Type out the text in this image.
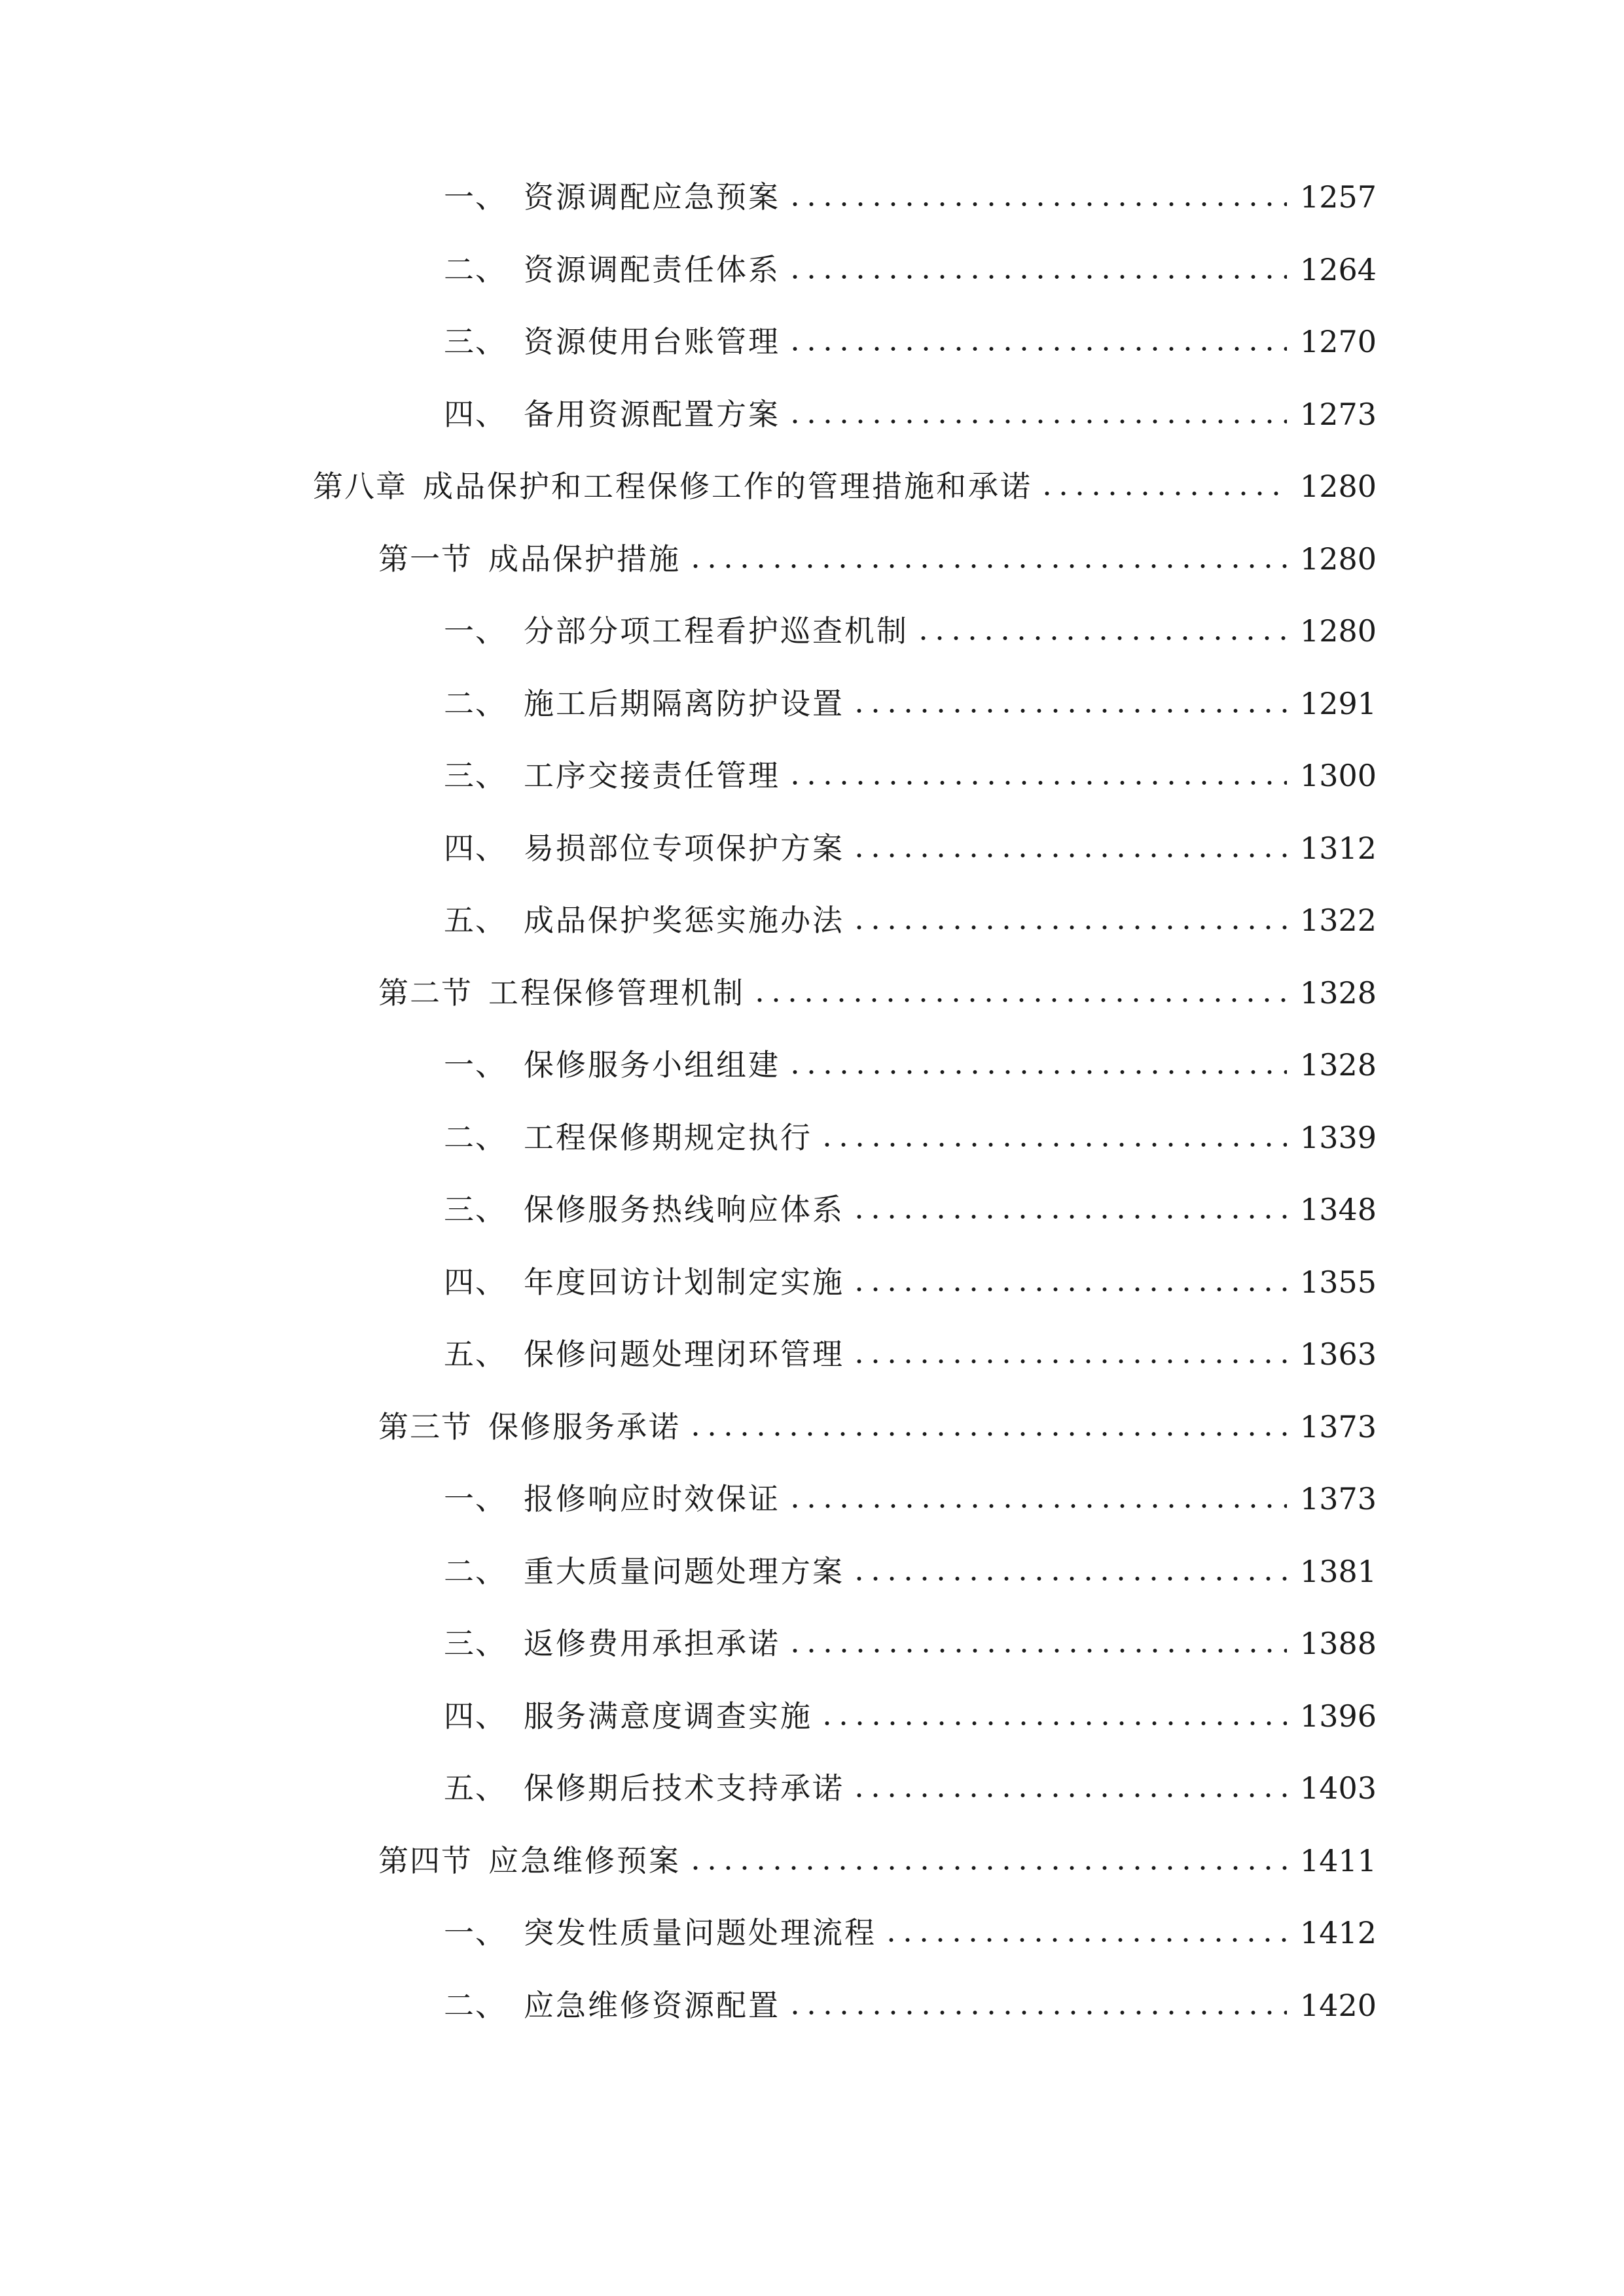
一、 资源调配应急预案	1257
二、 资源调配责任体系	1264
三、 资源使用台账管理	1270
四、 备用资源配置方案	1273
第八章 成品保护和工程保修工作的管理措施和承诺	1280
第一节 成品保护措施	1280
一、 分部分项工程看护巡查机制	1280
二、 施工后期隔离防护设置	1291
三、 工序交接责任管理	1300
四、 易损部位专项保护方案	1312
五、 成品保护奖惩实施办法	1322
第二节 工程保修管理机制	1328
一、 保修服务小组组建	1328
二、 工程保修期规定执行	1339
三、 保修服务热线响应体系	1348
四、 年度回访计划制定实施	1355
五、 保修问题处理闭环管理	1363
第三节 保修服务承诺	1373
一、 报修响应时效保证	1373
二、 重大质量问题处理方案	1381
三、 返修费用承担承诺	1388
四、 服务满意度调查实施	1396
五、 保修期后技术支持承诺	1403
第四节 应急维修预案	1411
一、 突发性质量问题处理流程	1412
二、 应急维修资源配置	1420
